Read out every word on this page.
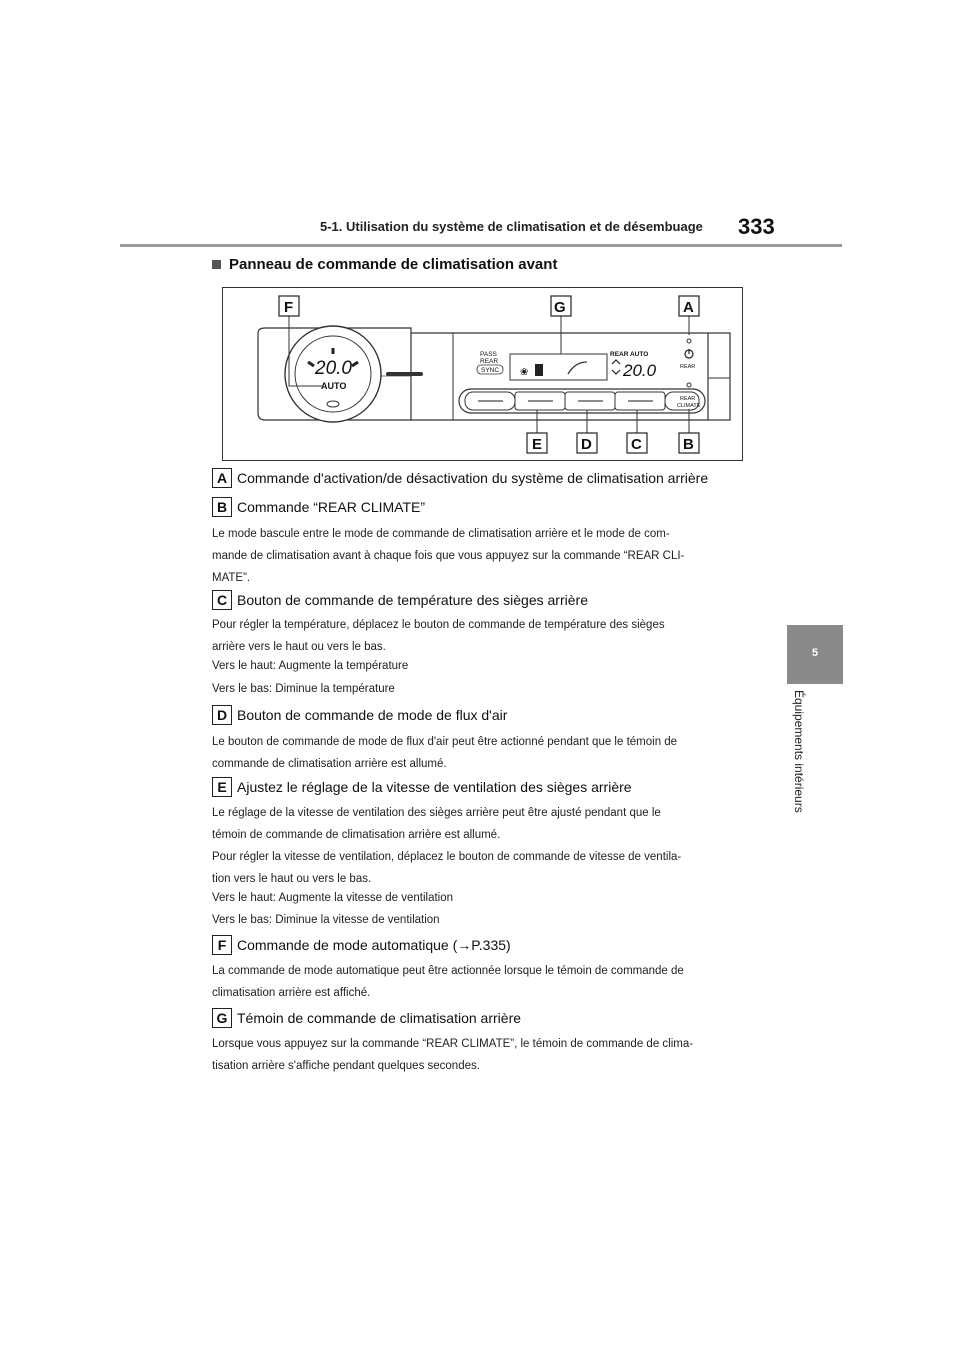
5-1. Utilisation du système de climatisation et de désembuage 333
5
Équipements intérieurs
Panneau de commande de climatisation avant
20.0
AUTO
PASS
REAR
SYNC ❀
REAR AUTO
20.0	REAR
REAR
CLIMATE
F	G	A
E	D	C	B
A Commande d'activation/de désactivation du système de climatisation arrière
B Commande “REAR CLIMATE”
Le mode bascule entre le mode de commande de climatisation arrière et le mode de com-
mande de climatisation avant à chaque fois que vous appuyez sur la commande “REAR CLI-
MATE”.
C Bouton de commande de température des sièges arrière
Pour régler la température, déplacez le bouton de commande de température des sièges
arrière vers le haut ou vers le bas.
Vers le haut: Augmente la température
Vers le bas: Diminue la température
D Bouton de commande de mode de flux d'air
Le bouton de commande de mode de flux d'air peut être actionné pendant que le témoin de
commande de climatisation arrière est allumé.
E Ajustez le réglage de la vitesse de ventilation des sièges arrière
Le réglage de la vitesse de ventilation des sièges arrière peut être ajusté pendant que le
témoin de commande de climatisation arrière est allumé.
Pour régler la vitesse de ventilation, déplacez le bouton de commande de vitesse de ventila-
tion vers le haut ou vers le bas.
Vers le haut: Augmente la vitesse de ventilation
Vers le bas: Diminue la vitesse de ventilation
F Commande de mode automatique (→P.335)
La commande de mode automatique peut être actionnée lorsque le témoin de commande de
climatisation arrière est affiché.
G Témoin de commande de climatisation arrière
Lorsque vous appuyez sur la commande “REAR CLIMATE”, le témoin de commande de clima-
tisation arrière s'affiche pendant quelques secondes.
